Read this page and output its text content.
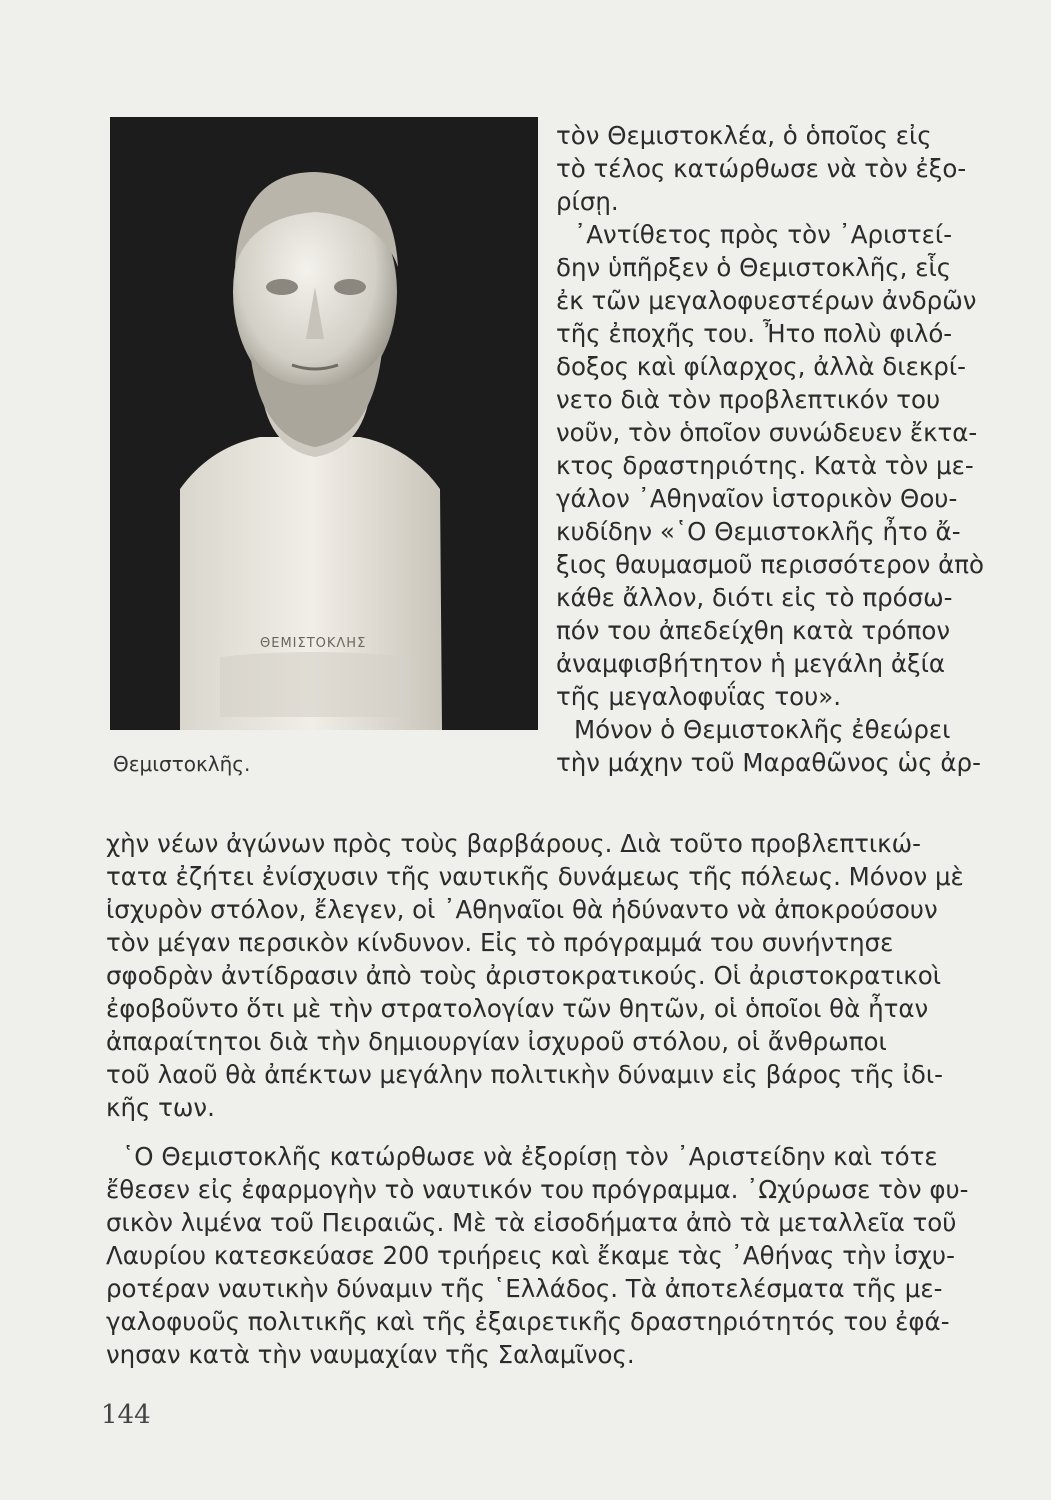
ΘΕΜΙΣΤΟΚΛΗΣ
Θεμιστοκλῆς.
τὸν Θεμιστοκλέα, ὁ ὁποῖος εἰς
τὸ τέλος κατώρθωσε νὰ τὸν ἐξο-
ρίσῃ.
᾿Αντίθετος πρὸς τὸν ᾿Αριστεί-
δην ὑπῆρξεν ὁ Θεμιστοκλῆς, εἷς
ἐκ τῶν μεγαλοφυεστέρων ἀνδρῶν
τῆς ἐποχῆς του. Ἦτο πολὺ φιλό-
δοξος καὶ φίλαρχος, ἀλλὰ διεκρί-
νετο διὰ τὸν προβλεπτικόν του
νοῦν, τὸν ὁποῖον συνώδευεν ἔκτα-
κτος δραστηριότης. Κατὰ τὸν με-
γάλον ᾿Αθηναῖον ἱστορικὸν Θου-
κυδίδην «῾Ο Θεμιστοκλῆς ἦτο ἄ-
ξιος θαυμασμοῦ περισσότερον ἀπὸ
κάθε ἄλλον, διότι εἰς τὸ πρόσω-
πόν του ἀπεδείχθη κατὰ τρόπον
ἀναμφισβήτητον ἡ μεγάλη ἀξία
τῆς μεγαλοφυΐας του».
Μόνον ὁ Θεμιστοκλῆς ἐθεώρει
τὴν μάχην τοῦ Μαραθῶνος ὡς ἀρ-
χὴν νέων ἀγώνων πρὸς τοὺς βαρβάρους. Διὰ τοῦτο προβλεπτικώ-
τατα ἐζήτει ἐνίσχυσιν τῆς ναυτικῆς δυνάμεως τῆς πόλεως. Μόνον μὲ
ἰσχυρὸν στόλον, ἔλεγεν, οἱ ᾿Αθηναῖοι θὰ ἠδύναντο νὰ ἀποκρούσουν
τὸν μέγαν περσικὸν κίνδυνον. Εἰς τὸ πρόγραμμά του συνήντησε
σφοδρὰν ἀντίδρασιν ἀπὸ τοὺς ἀριστοκρατικούς. Οἱ ἀριστοκρατικοὶ
ἐφοβοῦντο ὅτι μὲ τὴν στρατολογίαν τῶν θητῶν, οἱ ὁποῖοι θὰ ἦταν
ἀπαραίτητοι διὰ τὴν δημιουργίαν ἰσχυροῦ στόλου, οἱ ἄνθρωποι
τοῦ λαοῦ θὰ ἀπέκτων μεγάλην πολιτικὴν δύναμιν εἰς βάρος τῆς ἰδι-
κῆς των.
῾Ο Θεμιστοκλῆς κατώρθωσε νὰ ἐξορίσῃ τὸν ᾿Αριστείδην καὶ τότε
ἔθεσεν εἰς ἐφαρμογὴν τὸ ναυτικόν του πρόγραμμα. ᾿Ωχύρωσε τὸν φυ-
σικὸν λιμένα τοῦ Πειραιῶς. Μὲ τὰ εἰσοδήματα ἀπὸ τὰ μεταλλεῖα τοῦ
Λαυρίου κατεσκεύασε 200 τριήρεις καὶ ἔκαμε τὰς ᾿Αθήνας τὴν ἰσχυ-
ροτέραν ναυτικὴν δύναμιν τῆς ῾Ελλάδος. Τὰ ἀποτελέσματα τῆς με-
γαλοφυοῦς πολιτικῆς καὶ τῆς ἐξαιρετικῆς δραστηριότητός του ἐφά-
νησαν κατὰ τὴν ναυμαχίαν τῆς Σαλαμῖνος.
144
